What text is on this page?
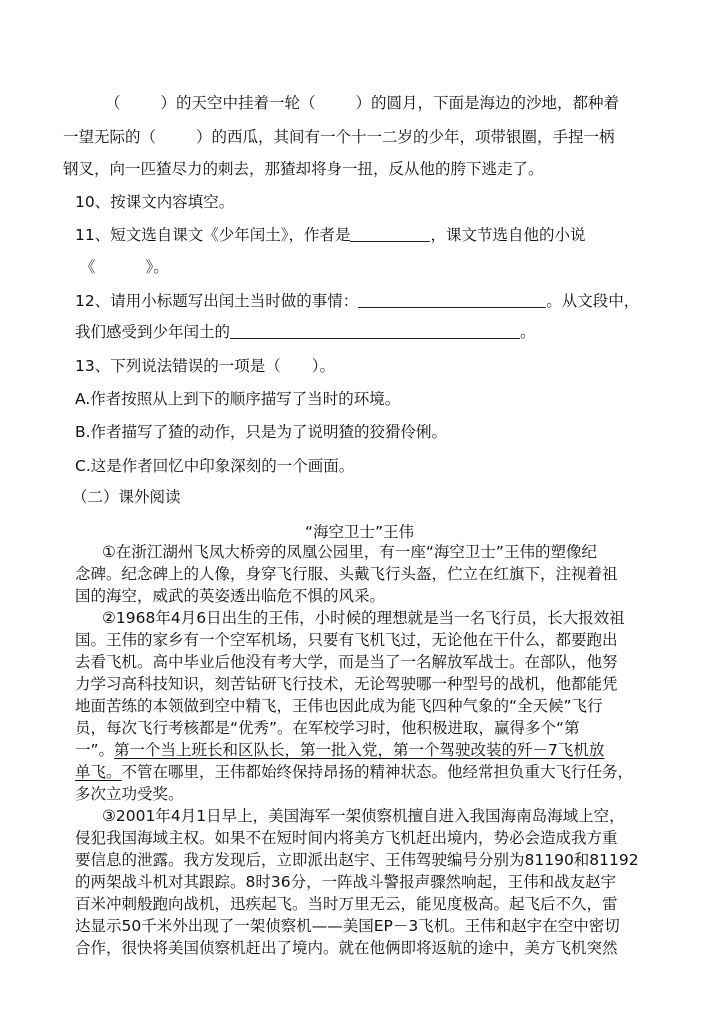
（	）的天空中挂着一轮（	）的圆月，下面是海边的沙地，都种着
一望无际的（	）的西瓜，其间有一个十一二岁的少年，项带银圈，手捏一柄
钢叉，向一匹猹尽力的刺去，那猹却将身一扭，反从他的胯下逃走了。
10、按课文内容填空。
11、短文选自课文《少年闰土》，作者是	，课文节选自他的小说
《	》。
12、请用小标题写出闰土当时做的事情：	。从文段中，
我们感受到少年闰土的	。
13、下列说法错误的一项是（　　）。
A.作者按照从上到下的顺序描写了当时的环境。
B.作者描写了猹的动作，只是为了说明猹的狡猾伶俐。
C.这是作者回忆中印象深刻的一个画面。
（二）课外阅读
“海空卫士”王伟
①在浙江湖州飞凤大桥旁的凤凰公园里，有一座“海空卫士”王伟的塑像纪
念碑。纪念碑上的人像，身穿飞行服、头戴飞行头盔，伫立在红旗下，注视着祖
国的海空，威武的英姿透出临危不惧的风采。
②1968年4月6日出生的王伟，小时候的理想就是当一名飞行员，长大报效祖
国。王伟的家乡有一个空军机场，只要有飞机飞过，无论他在干什么，都要跑出
去看飞机。高中毕业后他没有考大学，而是当了一名解放军战士。在部队，他努
力学习高科技知识，刻苦钻研飞行技术，无论驾驶哪一种型号的战机，他都能凭
地面苦练的本领做到空中精飞，王伟也因此成为能飞四种气象的“全天候”飞行
员，每次飞行考核都是“优秀”。在军校学习时，他积极进取，赢得多个“第
一”。第一个当上班长和区队长，第一批入党，第一个驾驶改装的歼－7飞机放
单飞。不管在哪里，王伟都始终保持昂扬的精神状态。他经常担负重大飞行任务，
多次立功受奖。
③2001年4月1日早上，美国海军一架侦察机擅自进入我国海南岛海域上空，
侵犯我国海域主权。如果不在短时间内将美方飞机赶出境内，势必会造成我方重
要信息的泄露。我方发现后，立即派出赵宇、王伟驾驶编号分别为81190和81192
的两架战斗机对其跟踪。8时36分，一阵战斗警报声骤然响起，王伟和战友赵宇
百米冲刺般跑向战机，迅疾起飞。当时万里无云，能见度极高。起飞后不久，雷
达显示50千米外出现了一架侦察机——美国EP－3飞机。王伟和赵宇在空中密切
合作，很快将美国侦察机赶出了境内。就在他俩即将返航的途中，美方飞机突然
